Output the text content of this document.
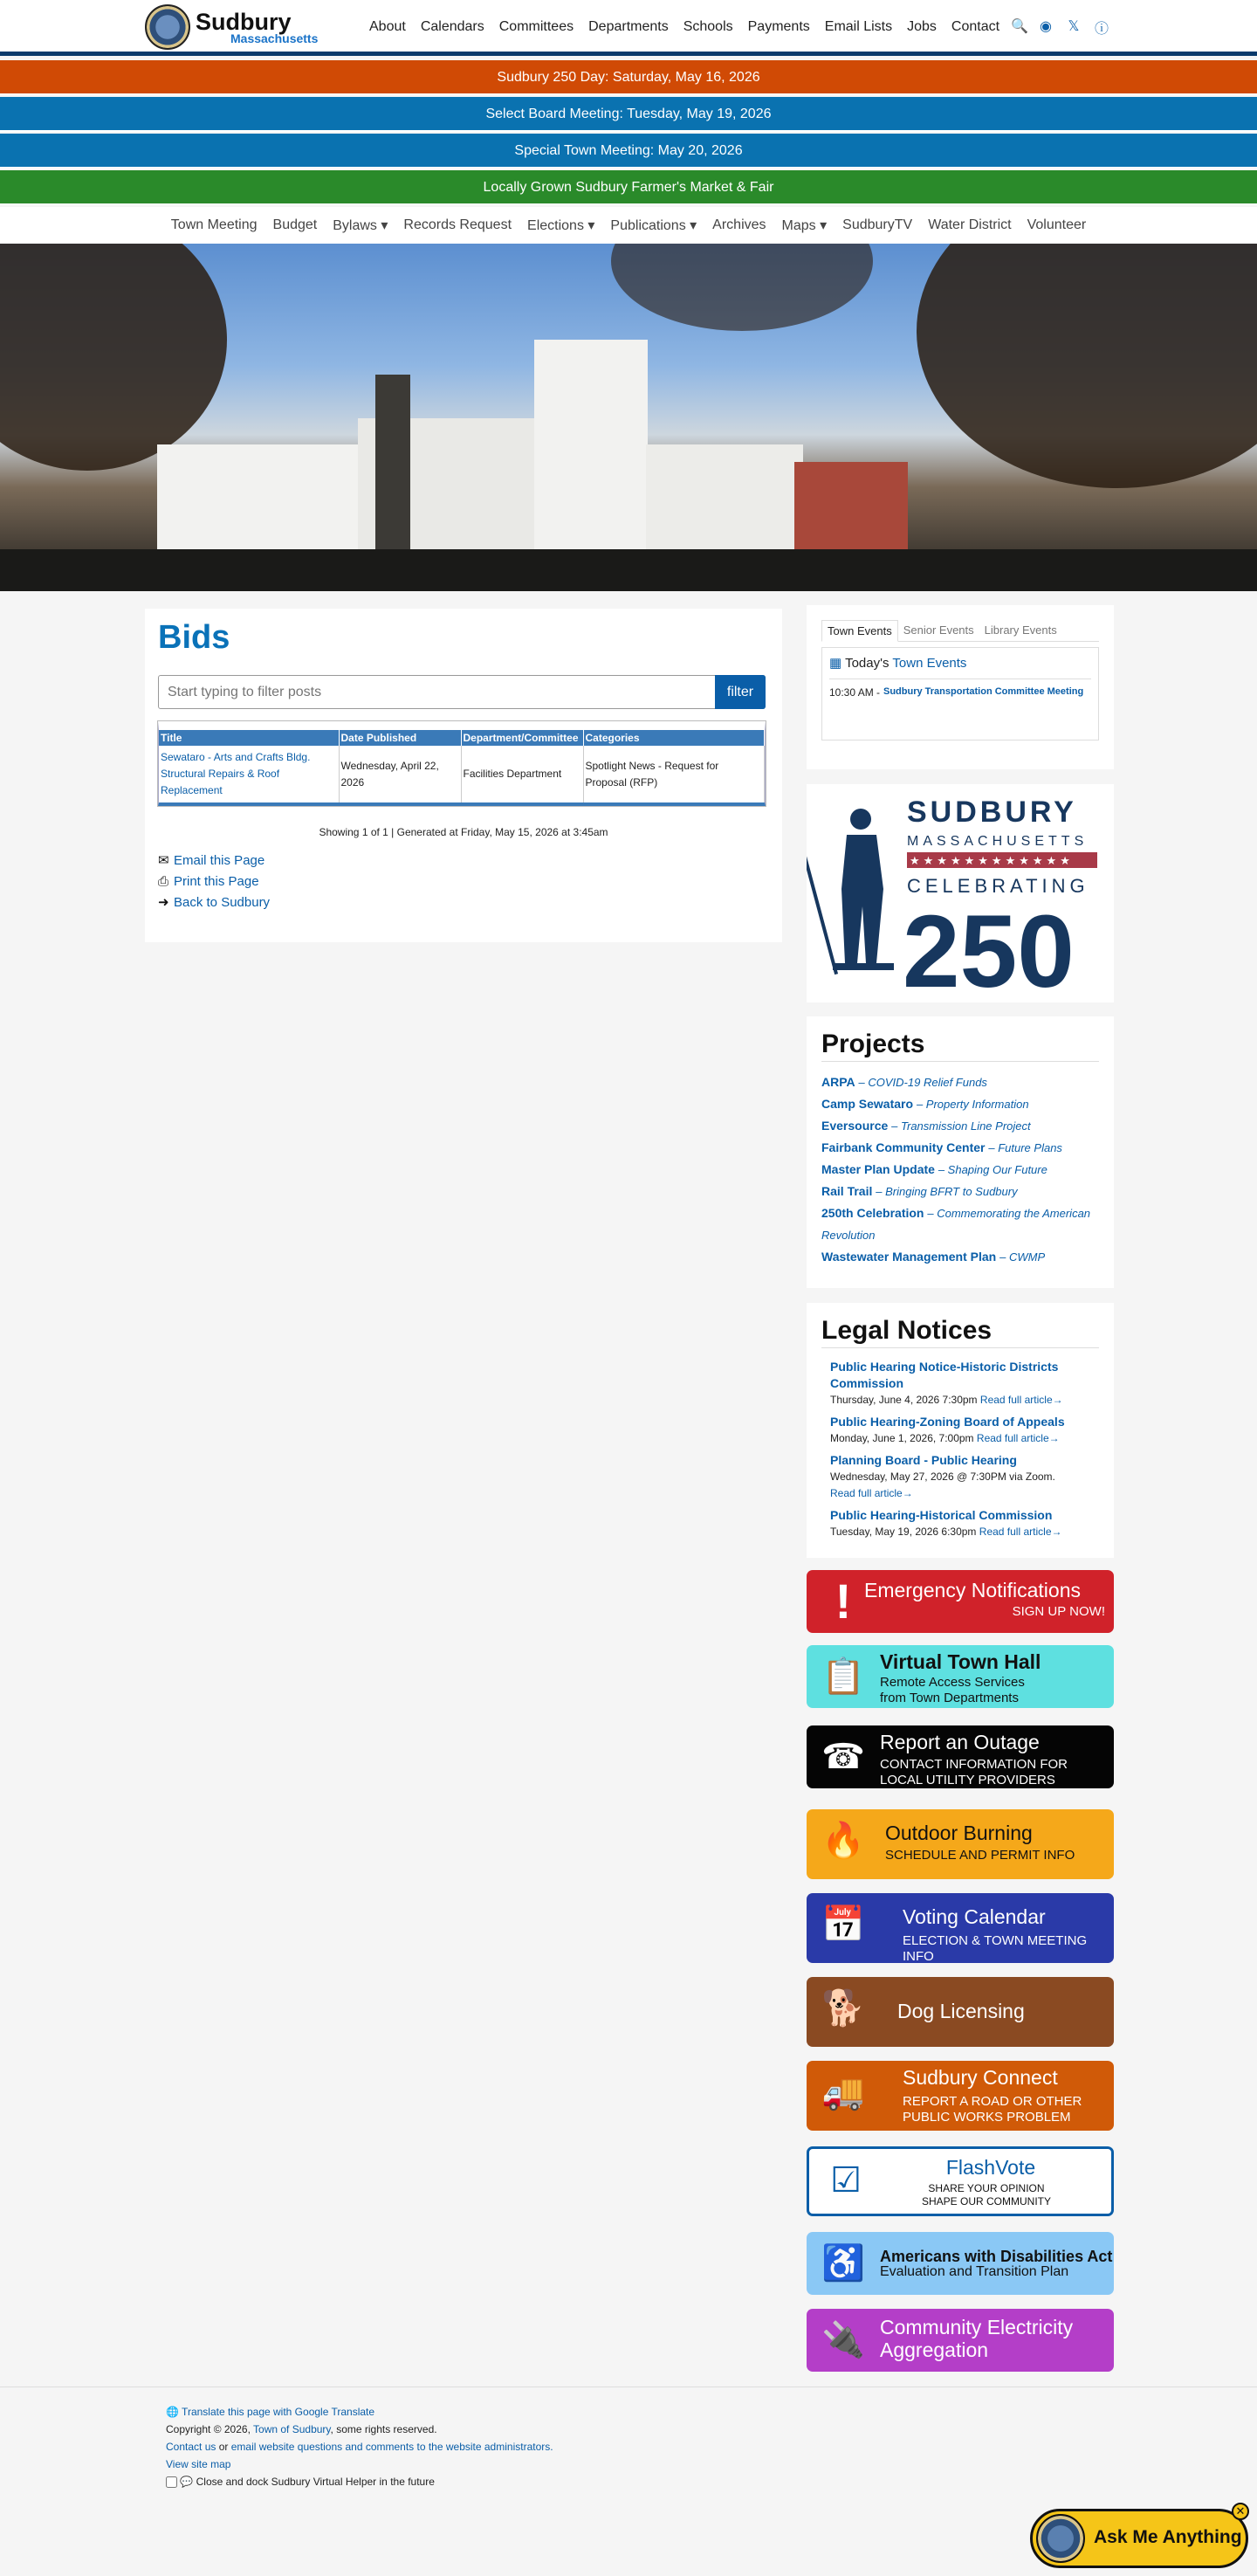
Sudbury
Massachusetts
About Calendars Committees Departments Schools Payments Email Lists Jobs Contact 🔍 ◉ 𝕏 ⓘ
Sudbury 250 Day: Saturday, May 16, 2026
Select Board Meeting: Tuesday, May 19, 2026
Special Town Meeting: May 20, 2026
Locally Grown Sudbury Farmer's Market & Fair
Town Meeting Budget Bylaws ▾ Records Request Elections ▾ Publications ▾ Archives Maps ▾ SudburyTV Water District Volunteer
Bids
Start typing to filter posts
filter
Title	Date Published	Department/Committee	Categories
Sewataro - Arts and Crafts Bldg. Structural Repairs & Roof Replacement	Wednesday, April 22, 2026	Facilities Department	Spotlight News - Request for Proposal (RFP)
Showing 1 of 1 | Generated at Friday, May 15, 2026 at 3:45am
✉ Email this Page
⎙ Print this Page
➜ Back to Sudbury
Town Events	Senior Events Library Events
▦ Today's Town Events
10:30 AM - Sudbury Transportation Committee Meeting
SUDBURY
MASSACHUSETTS
★★★★★★★★★★★★
CELEBRATING
250
Projects
ARPA – COVID-19 Relief Funds
Camp Sewataro – Property Information
Eversource – Transmission Line Project
Fairbank Community Center – Future Plans
Master Plan Update – Shaping Our Future
Rail Trail – Bringing BFRT to Sudbury
250th Celebration – Commemorating the American Revolution
Wastewater Management Plan – CWMP
Legal Notices
Public Hearing Notice-Historic Districts Commission
Thursday, June 4, 2026 7:30pm Read full article→
Public Hearing-Zoning Board of Appeals
Monday, June 1, 2026, 7:00pm Read full article→
Planning Board - Public Hearing
Wednesday, May 27, 2026 @ 7:30PM via Zoom.
Read full article→
Public Hearing-Historical Commission
Tuesday, May 19, 2026 6:30pm Read full article→
! Emergency Notifications
SIGN UP NOW!
📋 Virtual Town Hall
Remote Access Services from Town Departments
☎ Report an Outage
CONTACT INFORMATION FOR LOCAL UTILITY PROVIDERS
🔥 Outdoor Burning
SCHEDULE AND PERMIT INFO
📅 Voting Calendar
ELECTION & TOWN MEETING INFO
🐕 Dog Licensing
🚚 Sudbury Connect
REPORT A ROAD OR OTHER PUBLIC WORKS PROBLEM
☑	FlashVote
SHARE YOUR OPINION SHAPE OUR COMMUNITY
♿ Americans with Disabilities Act
Evaluation and Transition Plan
🔌 Community Electricity Aggregation
🌐 Translate this page with Google Translate
Copyright © 2026, Town of Sudbury, some rights reserved.
Contact us or email website questions and comments to the website administrators.
View site map
💬 Close and dock Sudbury Virtual Helper in the future
Ask Me Anything
✕
